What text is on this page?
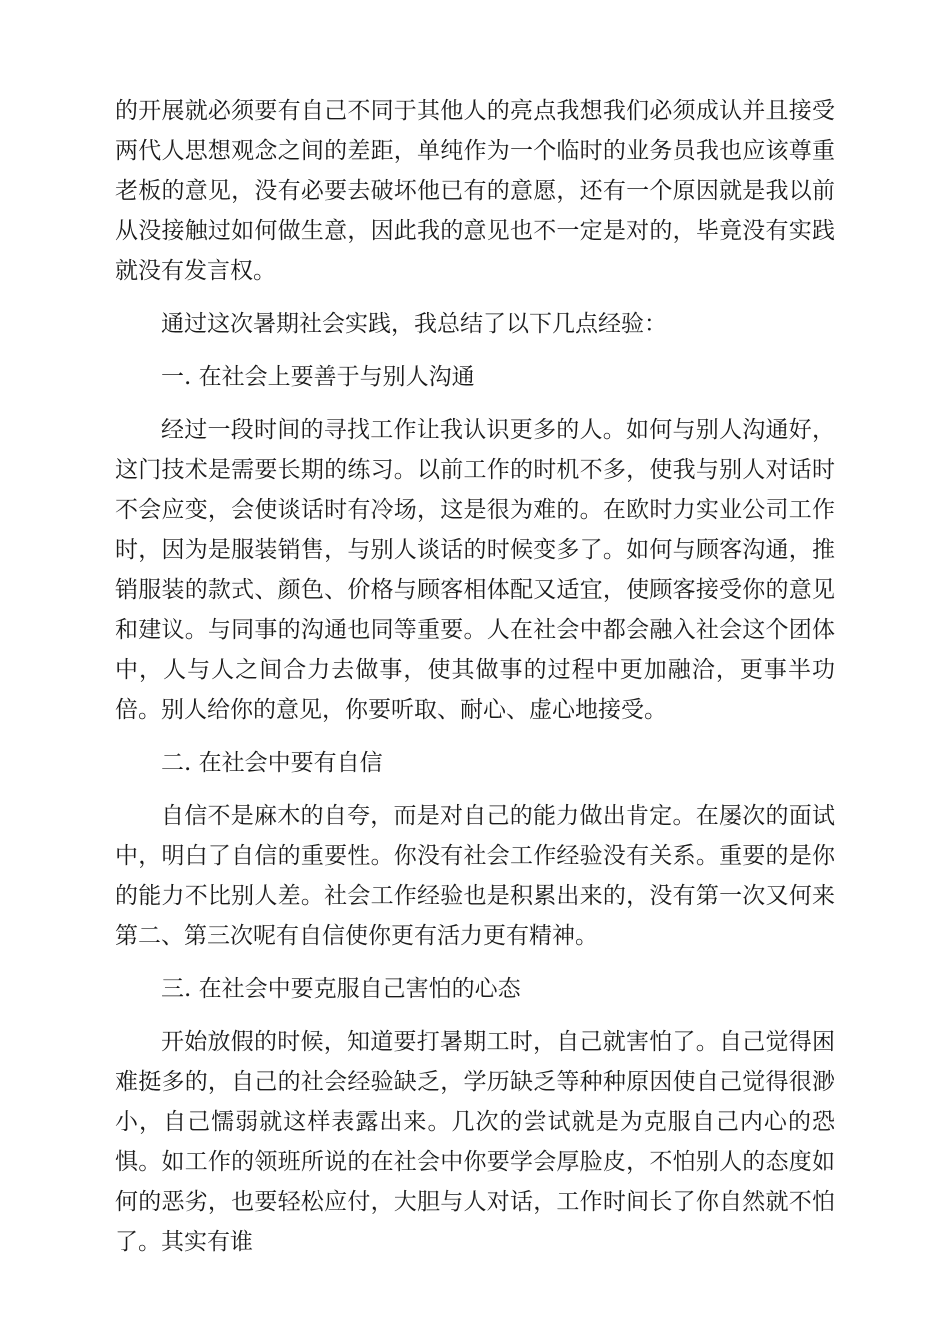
的开展就必须要有自己不同于其他人的亮点我想我们必须成认并且接受两代人思想观念之间的差距，单纯作为一个临时的业务员我也应该尊重老板的意见，没有必要去破坏他已有的意愿，还有一个原因就是我以前从没接触过如何做生意，因此我的意见也不一定是对的，毕竟没有实践就没有发言权。

通过这次暑期社会实践，我总结了以下几点经验：

一. 在社会上要善于与别人沟通

经过一段时间的寻找工作让我认识更多的人。如何与别人沟通好，这门技术是需要长期的练习。以前工作的时机不多，使我与别人对话时不会应变，会使谈话时有冷场，这是很为难的。在欧时力实业公司工作时，因为是服装销售，与别人谈话的时候变多了。如何与顾客沟通，推销服装的款式、颜色、价格与顾客相体配又适宜，使顾客接受你的意见和建议。与同事的沟通也同等重要。人在社会中都会融入社会这个团体中，人与人之间合力去做事，使其做事的过程中更加融洽，更事半功倍。别人给你的意见，你要听取、耐心、虚心地接受。

二. 在社会中要有自信

自信不是麻木的自夸，而是对自己的能力做出肯定。在屡次的面试中，明白了自信的重要性。你没有社会工作经验没有关系。重要的是你的能力不比别人差。社会工作经验也是积累出来的，没有第一次又何来第二、第三次呢有自信使你更有活力更有精神。

三. 在社会中要克服自己害怕的心态

开始放假的时候，知道要打暑期工时，自己就害怕了。自己觉得困难挺多的，自己的社会经验缺乏，学历缺乏等种种原因使自己觉得很渺小，自己懦弱就这样表露出来。几次的尝试就是为克服自己内心的恐惧。如工作的领班所说的在社会中你要学会厚脸皮，不怕别人的态度如何的恶劣，也要轻松应付，大胆与人对话，工作时间长了你自然就不怕了。其实有谁
